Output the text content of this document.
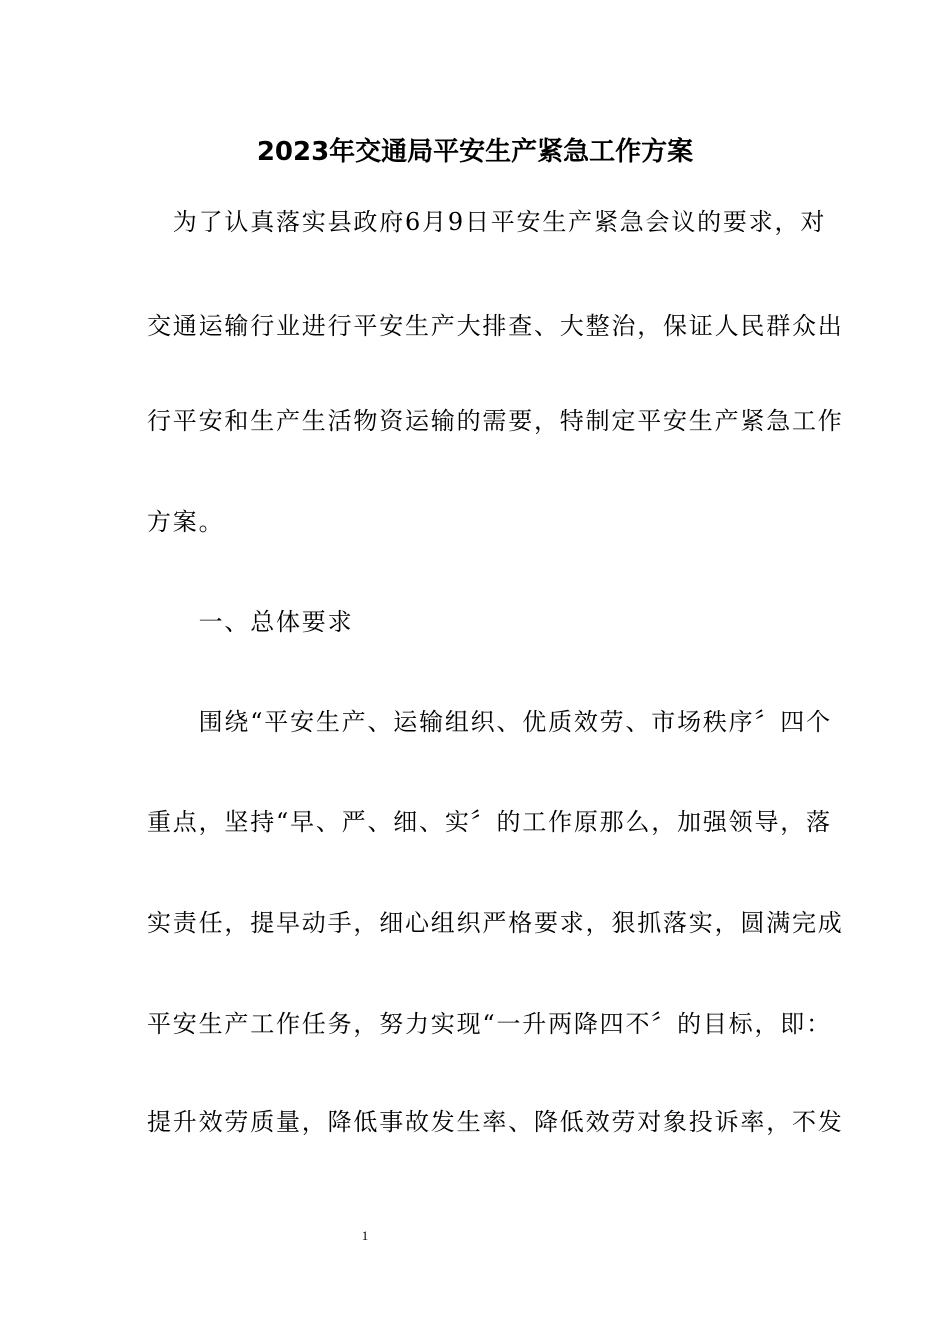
2023年交通局平安生产紧急工作方案
　为了认真落实县政府6月9日平安生产紧急会议的要求，对
交通运输行业进行平安生产大排查、大整治，保证人民群众出
行平安和生产生活物资运输的需要，特制定平安生产紧急工作
方案。
　　一、总体要求
　　围绕“平安生产、运输组织、优质效劳、市场秩序〞四个
重点，坚持“早、严、细、实〞的工作原那么，加强领导，落
实责任，提早动手，细心组织严格要求，狠抓落实，圆满完成
平安生产工作任务，努力实现“一升两降四不〞的目标，即：
提升效劳质量，降低事故发生率、降低效劳对象投诉率，不发
1
